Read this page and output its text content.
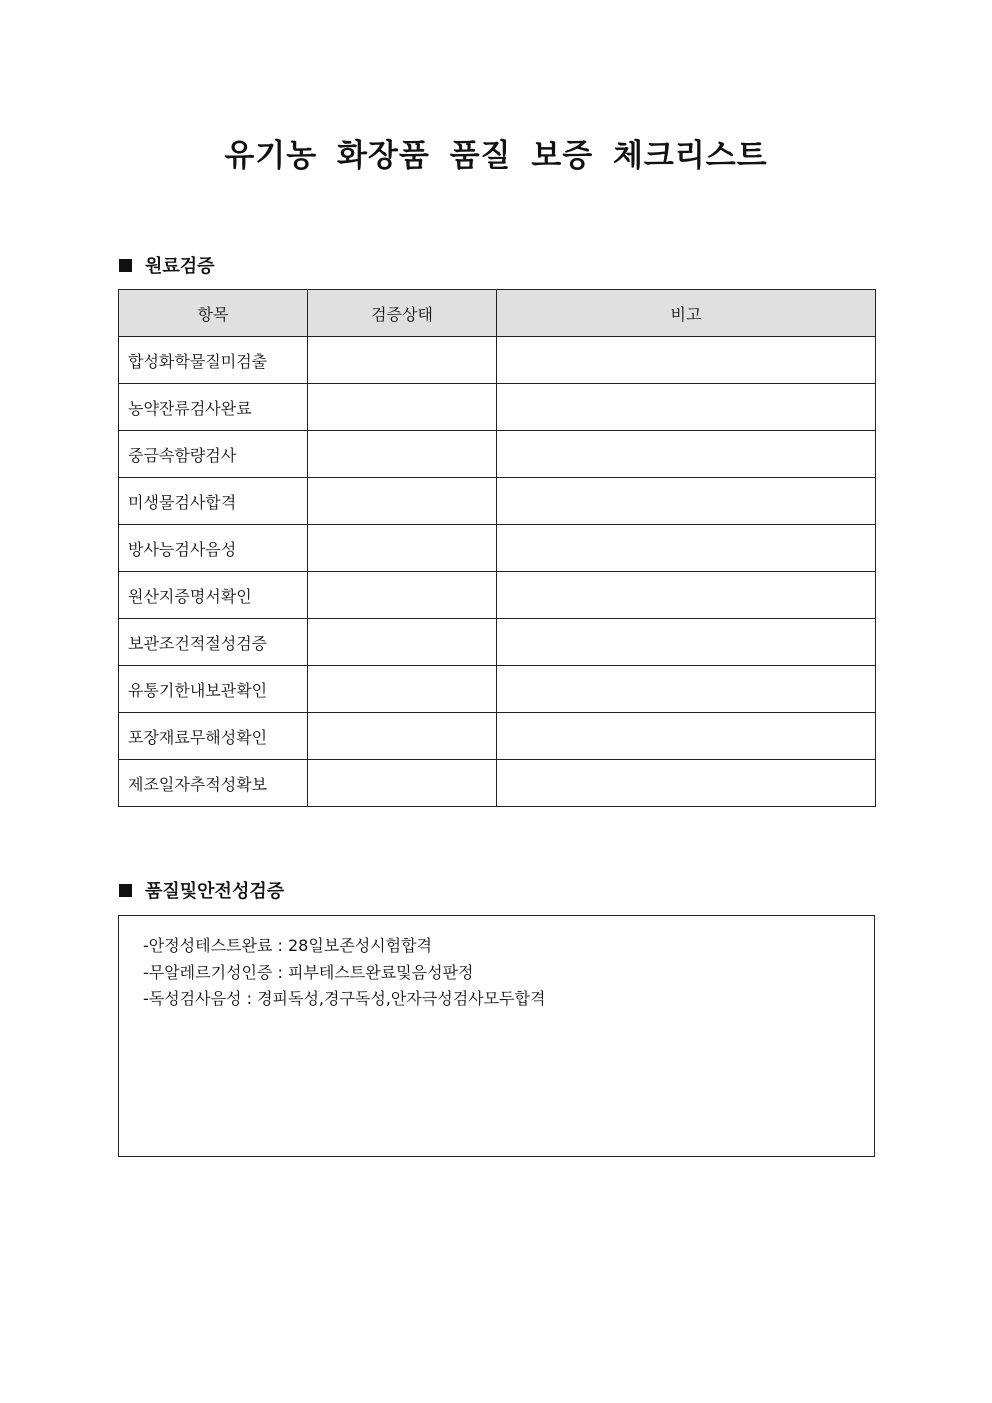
유기농 화장품 품질 보증 체크리스트
원료검증
항목	검증상태	비고
합성화학물질미검출		
농약잔류검사완료		
중금속함량검사		
미생물검사합격		
방사능검사음성		
원산지증명서확인		
보관조건적절성검증		
유통기한내보관확인		
포장재료무해성확인		
제조일자추적성확보		
품질및안전성검증
-안정성테스트완료 : 28일보존성시험합격
-무알레르기성인증 : 피부테스트완료및음성판정
-독성검사음성 : 경피독성,경구독성,안자극성검사모두합격
